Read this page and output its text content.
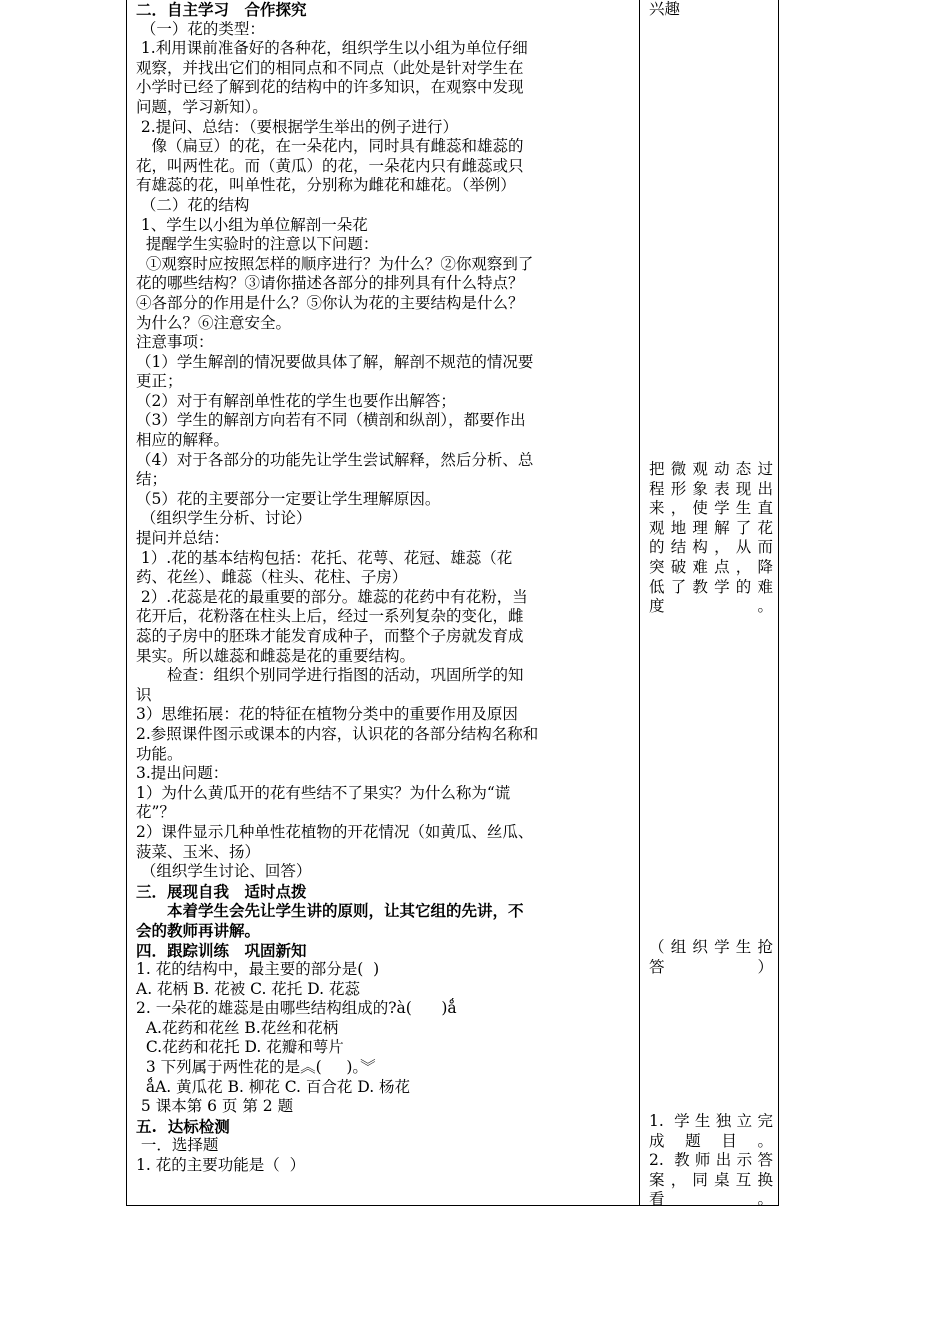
二．自主学习　合作探究
（一）花的类型：
1.利用课前准备好的各种花，组织学生以小组为单位仔细
观察，并找出它们的相同点和不同点（此处是针对学生在
小学时已经了解到花的结构中的许多知识，在观察中发现
问题，学习新知）。
2.提问、总结：（要根据学生举出的例子进行）
　像（扁豆）的花，在一朵花内，同时具有雌蕊和雄蕊的
花，叫两性花。而（黄瓜）的花，一朵花内只有雌蕊或只
有雄蕊的花，叫单性花，分别称为雌花和雄花。（举例）
（二）花的结构
1、学生以小组为单位解剖一朵花
提醒学生实验时的注意以下问题：
①观察时应按照怎样的顺序进行？为什么？②你观察到了
花的哪些结构？③请你描述各部分的排列具有什么特点？
④各部分的作用是什么？⑤你认为花的主要结构是什么？
为什么？⑥注意安全。
注意事项：
（1）学生解剖的情况要做具体了解，解剖不规范的情况要
更正；
（2）对于有解剖单性花的学生也要作出解答；
（3）学生的解剖方向若有不同（横剖和纵剖），都要作出
相应的解释。
（4）对于各部分的功能先让学生尝试解释，然后分析、总
结；
（5）花的主要部分一定要让学生理解原因。
（组织学生分析、讨论）
提问并总结：
1）.花的基本结构包括：花托、花萼、花冠、雄蕊（花
药、花丝）、雌蕊（柱头、花柱、子房）
2）.花蕊是花的最重要的部分。雄蕊的花药中有花粉，当
花开后，花粉落在柱头上后，经过一系列复杂的变化，雌
蕊的子房中的胚珠才能发育成种子，而整个子房就发育成
果实。所以雄蕊和雌蕊是花的重要结构。
　　检查：组织个别同学进行指图的活动，巩固所学的知
识
3）思维拓展：花的特征在植物分类中的重要作用及原因
2.参照课件图示或课本的内容，认识花的各部分结构名称和
功能。
3.提出问题：
1）为什么黄瓜开的花有些结不了果实？为什么称为“谎
花”？
2）课件显示几种单性花植物的开花情况（如黄瓜、丝瓜、
菠菜、玉米、扬）
（组织学生讨论、回答）
三．展现自我　适时点拨
　　本着学生会先让学生讲的原则，让其它组的先讲，不
会的教师再讲解。
四．跟踪训练　巩固新知
1. 花的结构中，最主要的部分是(  )
A. 花柄 B. 花被 C. 花托 D. 花蕊
2. 一朵花的雄蕊是由哪些结构组成的?à(      )ǻ
A.花药和花丝 B.花丝和花柄
C.花药和花托 D. 花瓣和萼片
3 下列属于两性花的是︽(     )。︾
ǻA. 黄瓜花 B. 柳花 C. 百合花 D. 杨花
5 课本第 6 页 第 2 题
五.  达标检测
一．选择题
1. 花的主要功能是（  ）
兴趣
把微观动态过
程形象表现出
来，使学生直
观地理解了花
的结构，从而
突破难点，降
低了教学的难
度。
（组织学生抢
答）
1. 学生独立完
成题目。
2. 教师出示答
案，同桌互换
看。
